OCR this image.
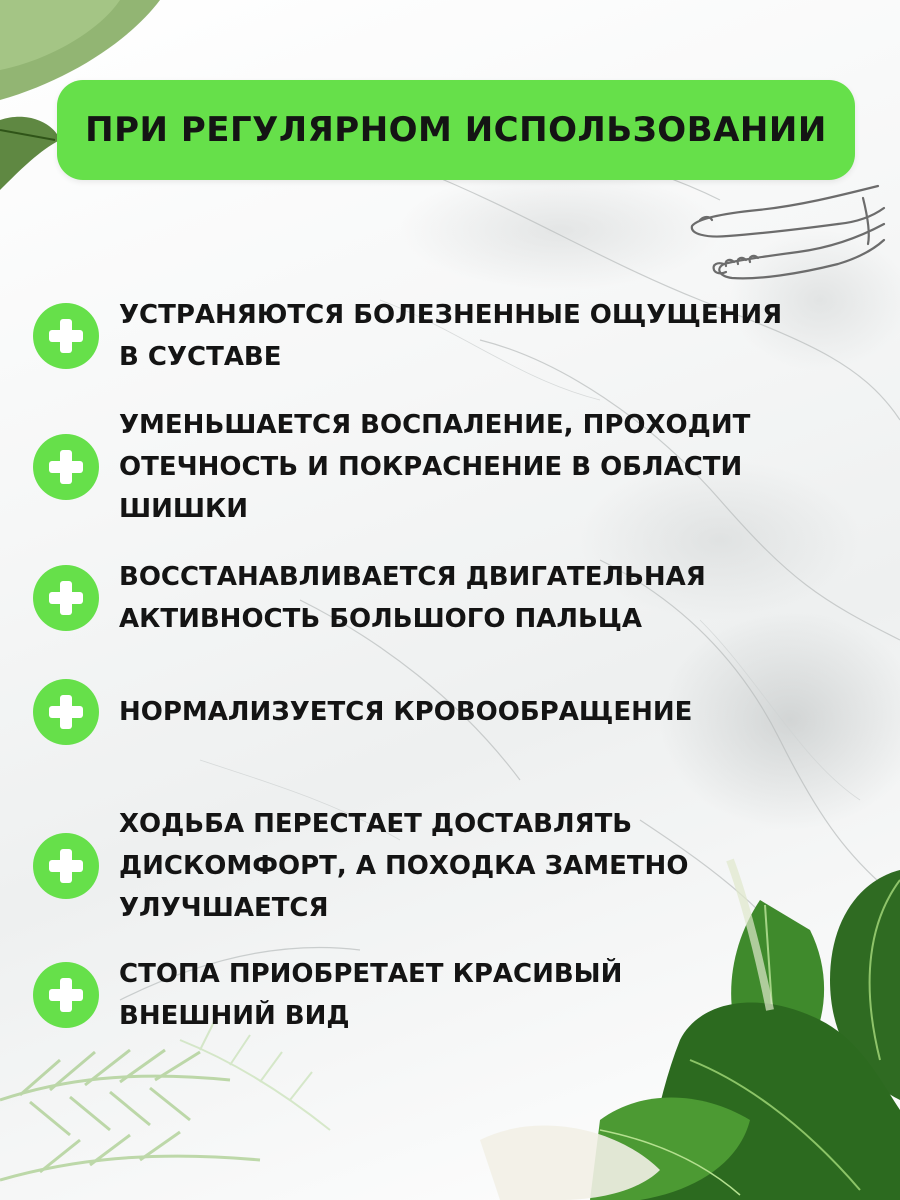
ПРИ РЕГУЛЯРНОМ ИСПОЛЬЗОВАНИИ
УСТРАНЯЮТСЯ БОЛЕЗНЕННЫЕ ОЩУЩЕНИЯ
В СУСТАВЕ
УМЕНЬШАЕТСЯ ВОСПАЛЕНИЕ, ПРОХОДИТ
ОТЕЧНОСТЬ И ПОКРАСНЕНИЕ В ОБЛАСТИ
ШИШКИ
ВОССТАНАВЛИВАЕТСЯ ДВИГАТЕЛЬНАЯ
АКТИВНОСТЬ БОЛЬШОГО ПАЛЬЦА
НОРМАЛИЗУЕТСЯ КРОВООБРАЩЕНИЕ
ХОДЬБА ПЕРЕСТАЕТ ДОСТАВЛЯТЬ
ДИСКОМФОРТ, А ПОХОДКА ЗАМЕТНО
УЛУЧШАЕТСЯ
СТОПА ПРИОБРЕТАЕТ КРАСИВЫЙ
ВНЕШНИЙ ВИД
